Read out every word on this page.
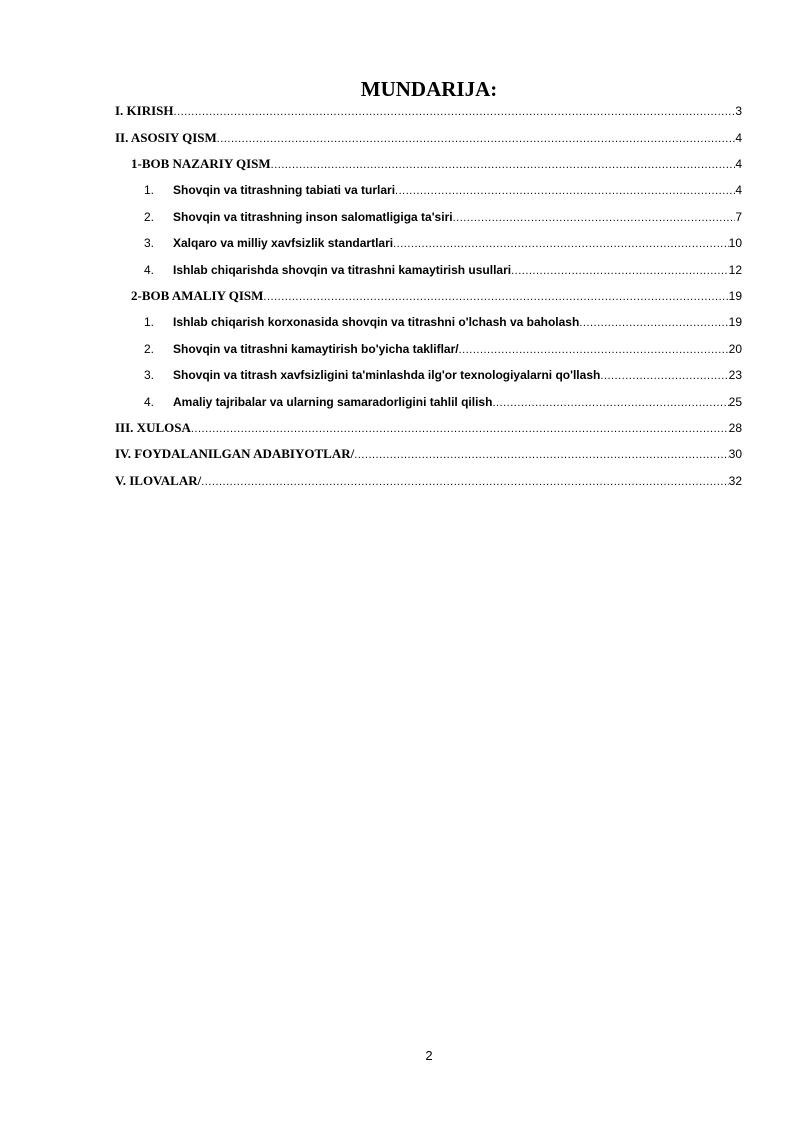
MUNDARIJA:
I. KIRISH .....	3
II. ASOSIY QISM .....	4
1-BOB NAZARIY QISM .....	4
1.	Shovqin va titrashning tabiati va turlari .....	4
2.	Shovqin va titrashning inson salomatligiga ta'siri .....	7
3.	Xalqaro va milliy xavfsizlik standartlari .....	10
4.	Ishlab chiqarishda shovqin va titrashni kamaytirish usullari .....	12
2-BOB AMALIY QISM .....	19
1.	Ishlab chiqarish korxonasida shovqin va titrashni o'lchash va baholash .....	19
2.	Shovqin va titrashni kamaytirish bo'yicha takliflar/ .....	20
3.	Shovqin va titrash xavfsizligini ta'minlashda ilg'or texnologiyalarni qo'llash .....	23
4.	Amaliy tajribalar va ularning samaradorligini tahlil qilish .....	25
III. XULOSA .....	28
IV. FOYDALANILGAN ADABIYOTLAR/ .....	30
V. ILOVALAR/ .....	32
2
